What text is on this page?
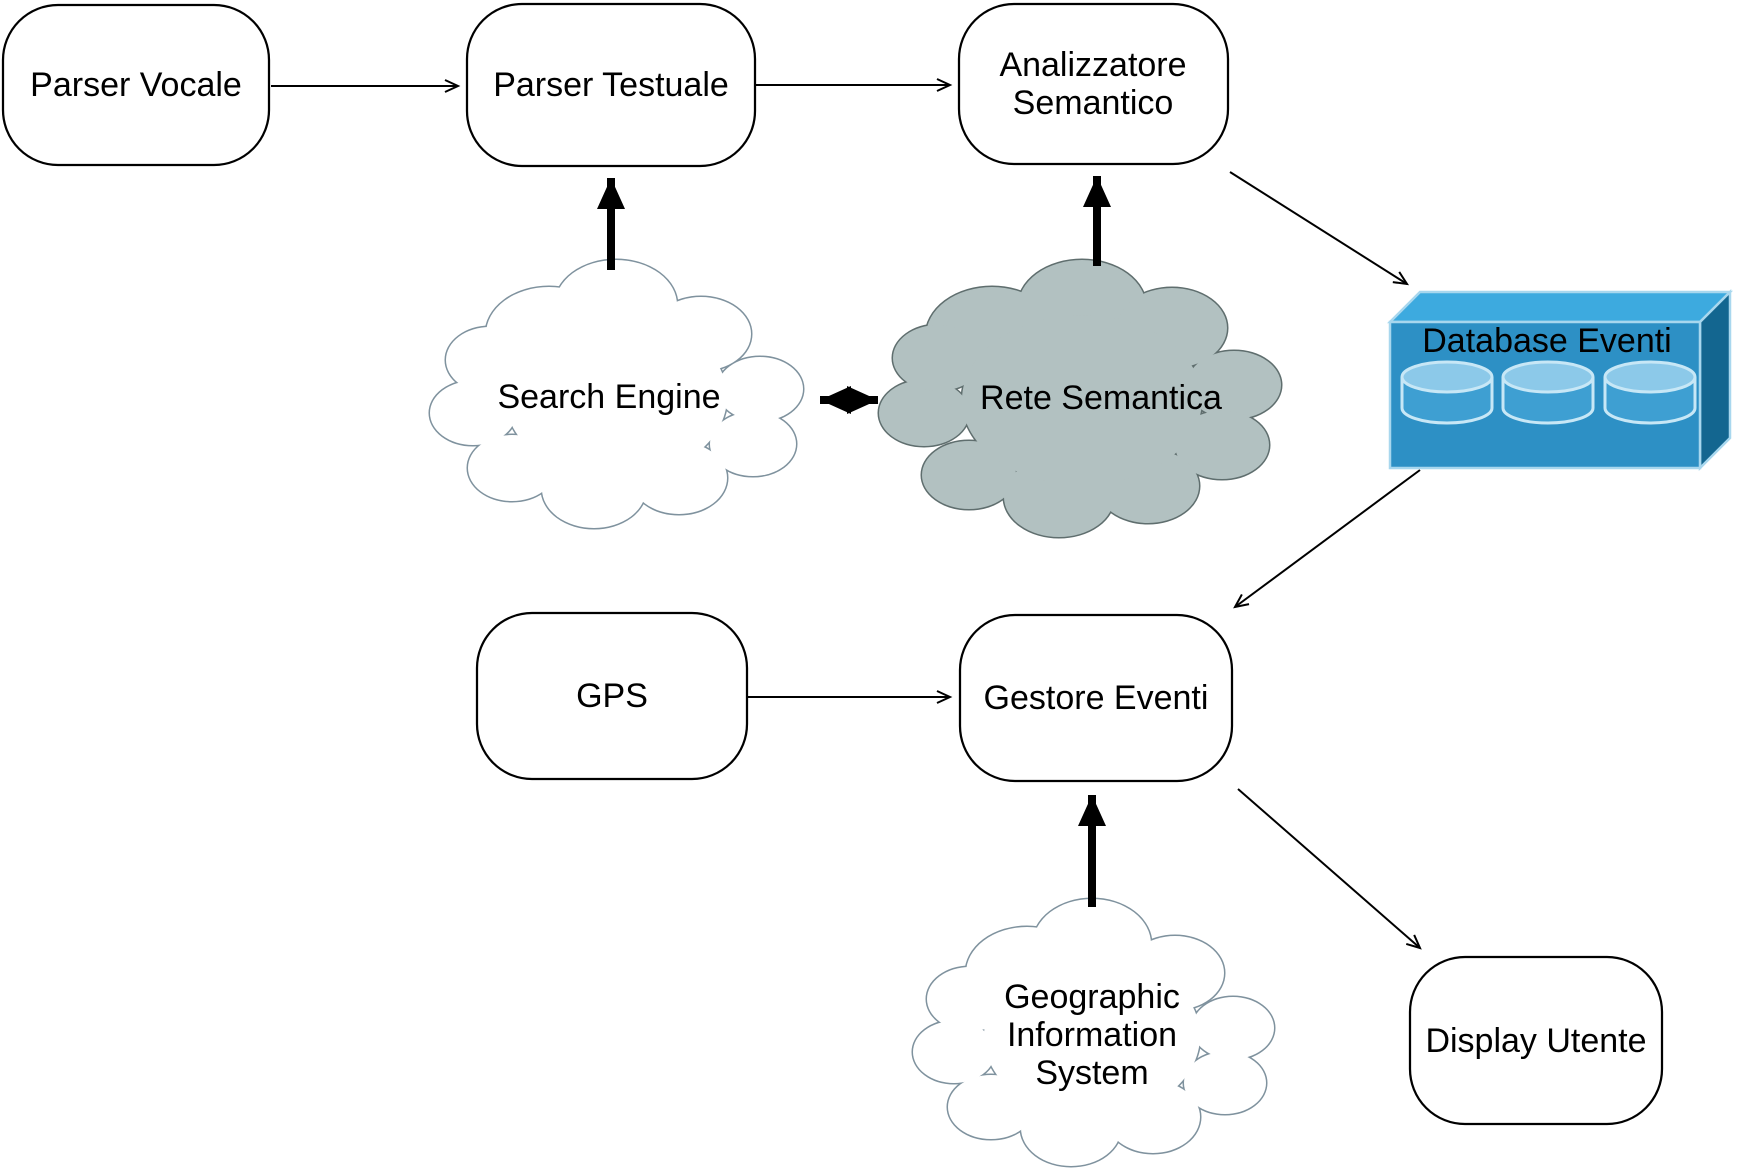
Search Engine	Rete Semantica
Geographic
Information
System
Parser Vocale	Parser Testuale
Analizzatore
Semantico
GPS	Gestore Eventi
Display Utente
Database Eventi
